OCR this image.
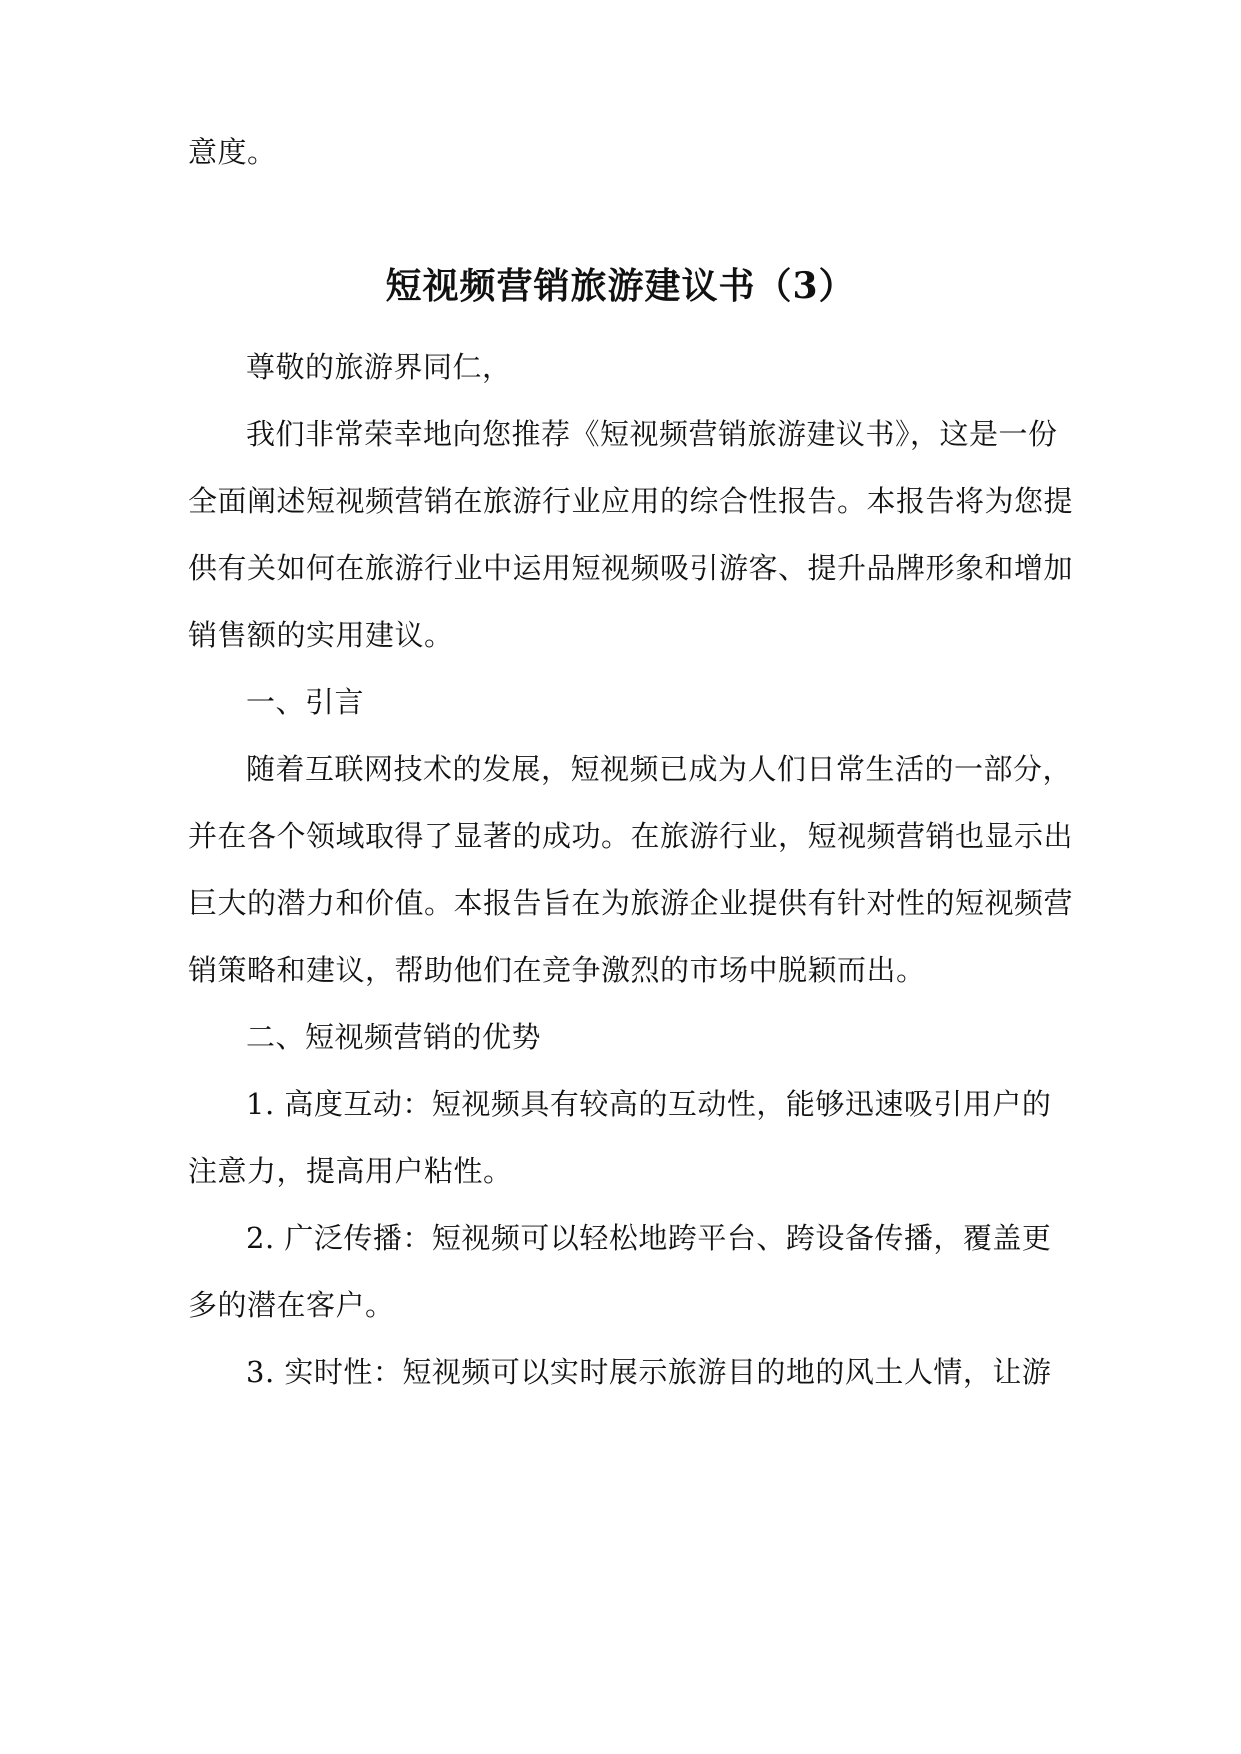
意度。
短视频营销旅游建议书（3）
尊敬的旅游界同仁，
我们非常荣幸地向您推荐《短视频营销旅游建议书》，这是一份
全面阐述短视频营销在旅游行业应用的综合性报告。本报告将为您提
供有关如何在旅游行业中运用短视频吸引游客、提升品牌形象和增加
销售额的实用建议。
一、引言
随着互联网技术的发展，短视频已成为人们日常生活的一部分，
并在各个领域取得了显著的成功。在旅游行业，短视频营销也显示出
巨大的潜力和价值。本报告旨在为旅游企业提供有针对性的短视频营
销策略和建议，帮助他们在竞争激烈的市场中脱颖而出。
二、短视频营销的优势
1. 高度互动：短视频具有较高的互动性，能够迅速吸引用户的
注意力，提高用户粘性。
2. 广泛传播：短视频可以轻松地跨平台、跨设备传播，覆盖更
多的潜在客户。
3. 实时性：短视频可以实时展示旅游目的地的风土人情，让游
